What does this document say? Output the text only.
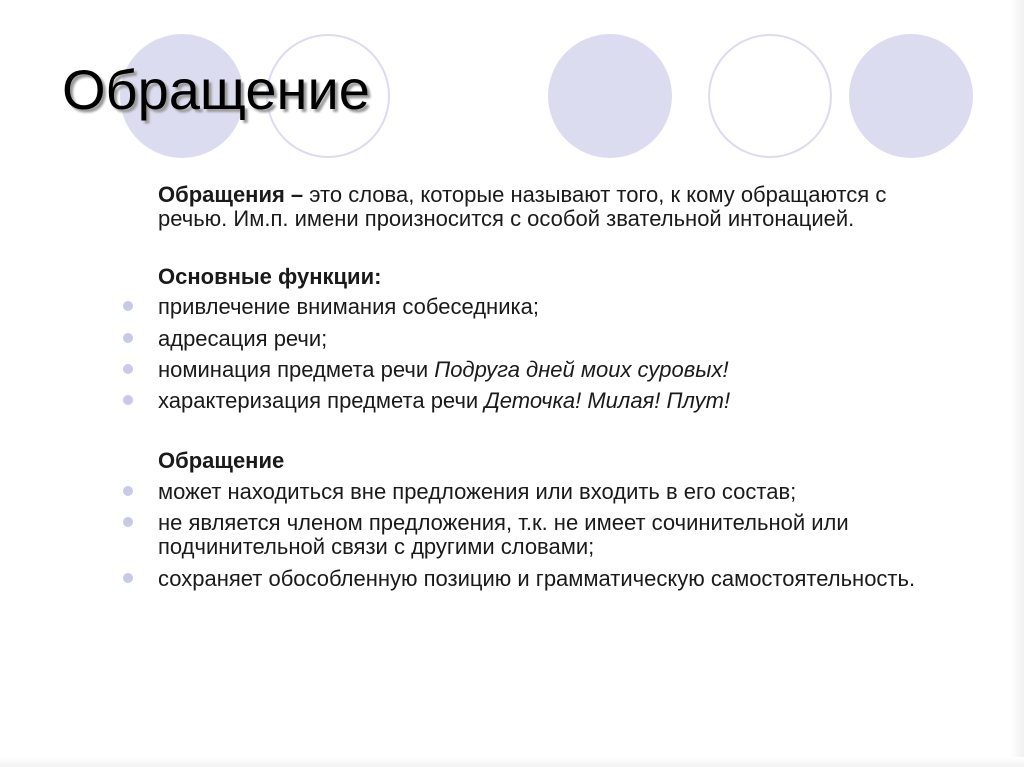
Обращение
Обращения – это слова, которые называют того, к кому обращаются с речью. Им.п. имени произносится с особой звательной интонацией.
Основные функции:
привлечение внимания собеседника;
адресация речи;
номинация предмета речи Подруга дней моих суровых!
характеризация предмета речи Деточка! Милая! Плут!
Обращение
может находиться вне предложения или входить в его состав;
не является членом предложения, т.к. не имеет сочинительной или подчинительной связи с другими словами;
сохраняет обособленную позицию и грамматическую самостоятельность.
